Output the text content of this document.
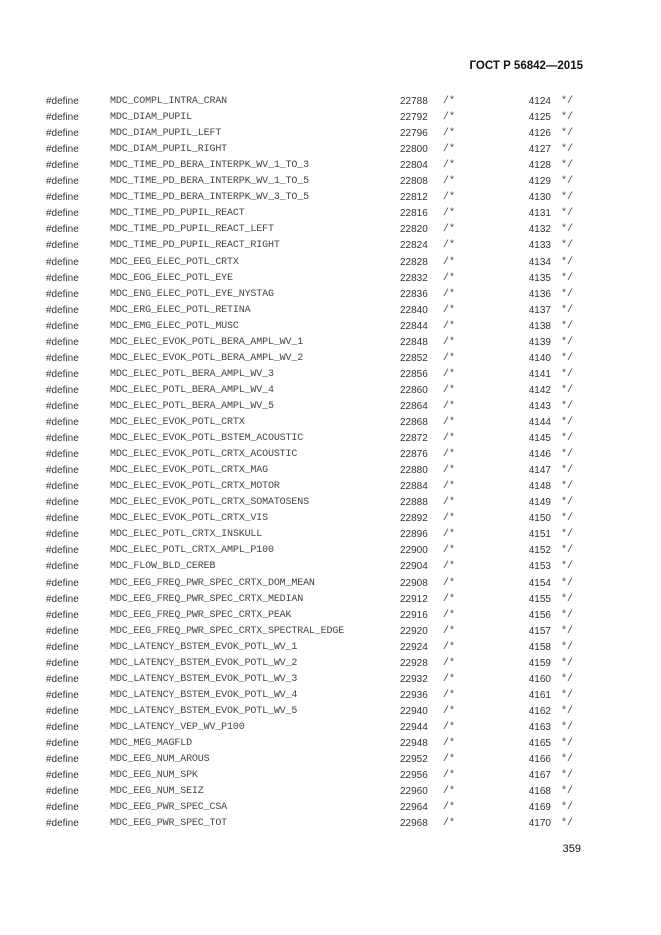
ГОСТ Р 56842—2015
#define	MDC_COMPL_INTRA_CRAN	22788 /*	4124 */
#define	MDC_DIAM_PUPIL	22792 /*	4125 */
#define	MDC_DIAM_PUPIL_LEFT	22796 /*	4126 */
#define	MDC_DIAM_PUPIL_RIGHT	22800 /*	4127 */
#define	MDC_TIME_PD_BERA_INTERPK_WV_1_TO_3	22804 /*	4128 */
#define	MDC_TIME_PD_BERA_INTERPK_WV_1_TO_5	22808 /*	4129 */
#define	MDC_TIME_PD_BERA_INTERPK_WV_3_TO_5	22812 /*	4130 */
#define	MDC_TIME_PD_PUPIL_REACT	22816 /*	4131 */
#define	MDC_TIME_PD_PUPIL_REACT_LEFT	22820 /*	4132 */
#define	MDC_TIME_PD_PUPIL_REACT_RIGHT	22824 /*	4133 */
#define	MDC_EEG_ELEC_POTL_CRTX	22828 /*	4134 */
#define	MDC_EOG_ELEC_POTL_EYE	22832 /*	4135 */
#define	MDC_ENG_ELEC_POTL_EYE_NYSTAG	22836 /*	4136 */
#define	MDC_ERG_ELEC_POTL_RETINA	22840 /*	4137 */
#define	MDC_EMG_ELEC_POTL_MUSC	22844 /*	4138 */
#define	MDC_ELEC_EVOK_POTL_BERA_AMPL_WV_1	22848 /*	4139 */
#define	MDC_ELEC_EVOK_POTL_BERA_AMPL_WV_2	22852 /*	4140 */
#define	MDC_ELEC_POTL_BERA_AMPL_WV_3	22856 /*	4141 */
#define	MDC_ELEC_POTL_BERA_AMPL_WV_4	22860 /*	4142 */
#define	MDC_ELEC_POTL_BERA_AMPL_WV_5	22864 /*	4143 */
#define	MDC_ELEC_EVOK_POTL_CRTX	22868 /*	4144 */
#define	MDC_ELEC_EVOK_POTL_BSTEM_ACOUSTIC	22872 /*	4145 */
#define	MDC_ELEC_EVOK_POTL_CRTX_ACOUSTIC	22876 /*	4146 */
#define	MDC_ELEC_EVOK_POTL_CRTX_MAG	22880 /*	4147 */
#define	MDC_ELEC_EVOK_POTL_CRTX_MOTOR	22884 /*	4148 */
#define	MDC_ELEC_EVOK_POTL_CRTX_SOMATOSENS	22888 /*	4149 */
#define	MDC_ELEC_EVOK_POTL_CRTX_VIS	22892 /*	4150 */
#define	MDC_ELEC_POTL_CRTX_INSKULL	22896 /*	4151 */
#define	MDC_ELEC_POTL_CRTX_AMPL_P100	22900 /*	4152 */
#define	MDC_FLOW_BLD_CEREB	22904 /*	4153 */
#define	MDC_EEG_FREQ_PWR_SPEC_CRTX_DOM_MEAN	22908 /*	4154 */
#define	MDC_EEG_FREQ_PWR_SPEC_CRTX_MEDIAN	22912 /*	4155 */
#define	MDC_EEG_FREQ_PWR_SPEC_CRTX_PEAK	22916 /*	4156 */
#define	MDC_EEG_FREQ_PWR_SPEC_CRTX_SPECTRAL_EDGE	22920 /*	4157 */
#define	MDC_LATENCY_BSTEM_EVOK_POTL_WV_1	22924 /*	4158 */
#define	MDC_LATENCY_BSTEM_EVOK_POTL_WV_2	22928 /*	4159 */
#define	MDC_LATENCY_BSTEM_EVOK_POTL_WV_3	22932 /*	4160 */
#define	MDC_LATENCY_BSTEM_EVOK_POTL_WV_4	22936 /*	4161 */
#define	MDC_LATENCY_BSTEM_EVOK_POTL_WV_5	22940 /*	4162 */
#define	MDC_LATENCY_VEP_WV_P100	22944 /*	4163 */
#define	MDC_MEG_MAGFLD	22948 /*	4165 */
#define	MDC_EEG_NUM_AROUS	22952 /*	4166 */
#define	MDC_EEG_NUM_SPK	22956 /*	4167 */
#define	MDC_EEG_NUM_SEIZ	22960 /*	4168 */
#define	MDC_EEG_PWR_SPEC_CSA	22964 /*	4169 */
#define	MDC_EEG_PWR_SPEC_TOT	22968 /*	4170 */
359
